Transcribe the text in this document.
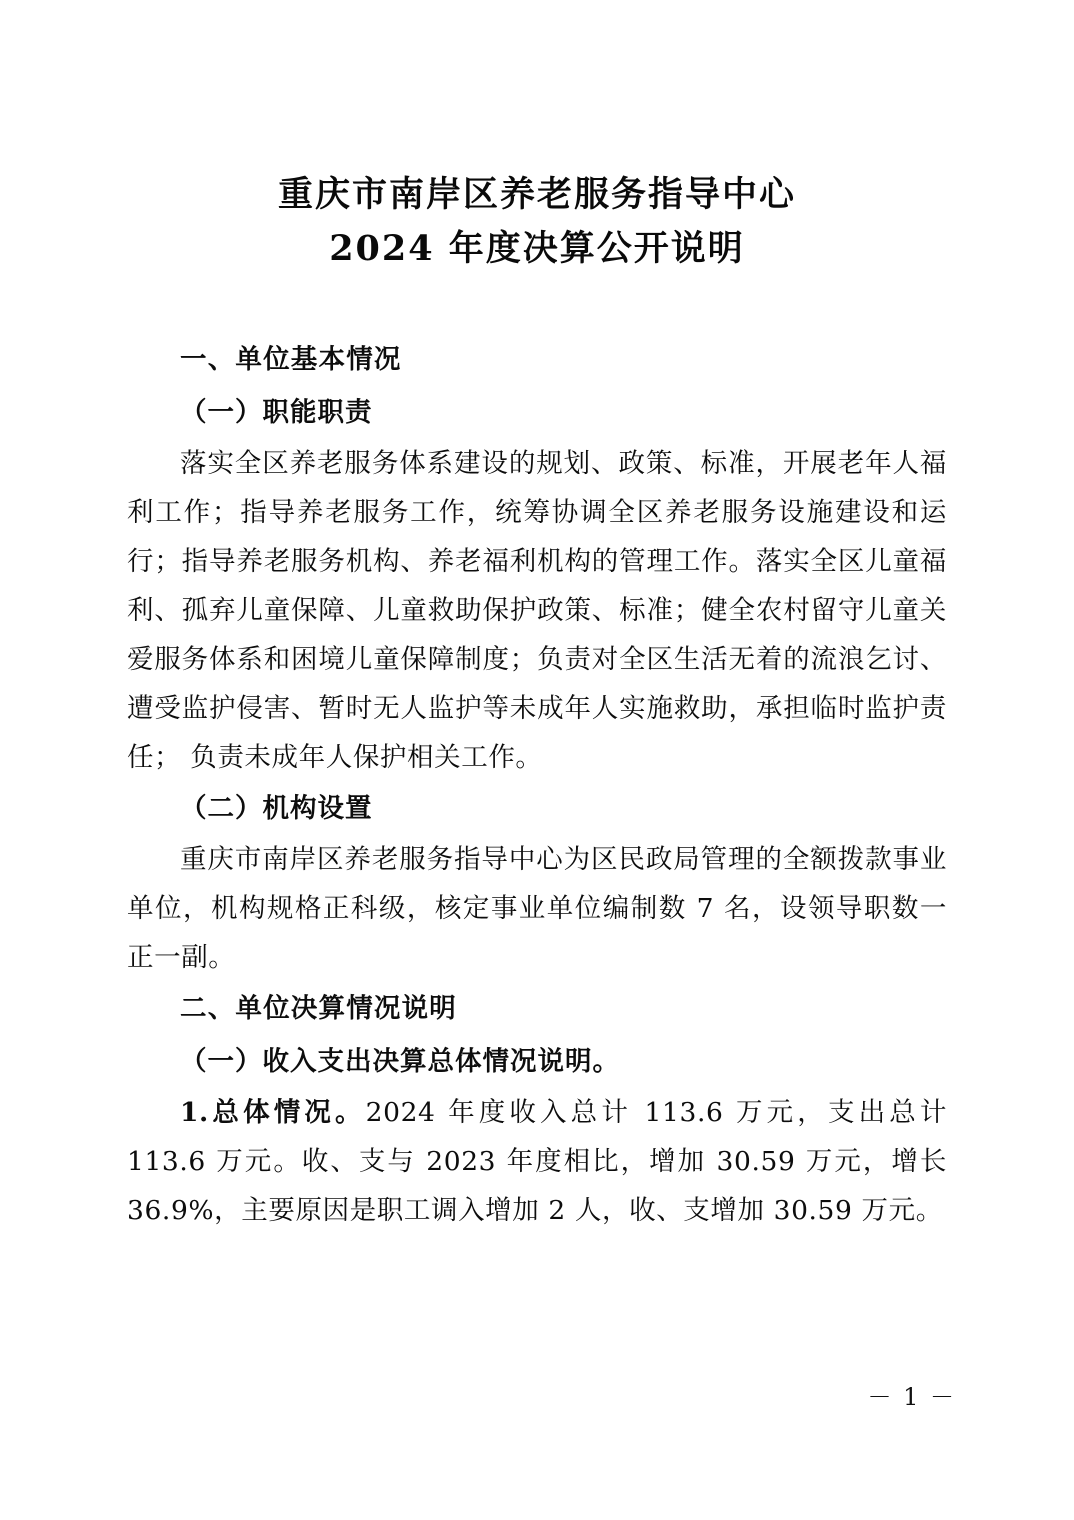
重庆市南岸区养老服务指导中心
2024 年度决算公开说明
一、单位基本情况
（一）职能职责

落实全区养老服务体系建设的规划、政策、标准，开展老年人福利工作；指导养老服务工作，统筹协调全区养老服务设施建设和运行；指导养老服务机构、养老福利机构的管理工作。落实全区儿童福利、孤弃儿童保障、儿童救助保护政策、标准；健全农村留守儿童关爱服务体系和困境儿童保障制度；负责对全区生活无着的流浪乞讨、遭受监护侵害、暂时无人监护等未成年人实施救助，承担临时监护责任； 负责未成年人保护相关工作。

（二）机构设置

重庆市南岸区养老服务指导中心为区民政局管理的全额拨款事业单位，机构规格正科级，核定事业单位编制数 7 名，设领导职数一正一副。

二、单位决算情况说明
（一）收入支出决算总体情况说明。

1.总体情况。2024 年度收入总计 113.6 万元，支出总计 113.6 万元。收、支与 2023 年度相比，增加 30.59 万元，增长 36.9%，主要原因是职工调入增加 2 人，收、支增加 30.59 万元。

－ 1 －
